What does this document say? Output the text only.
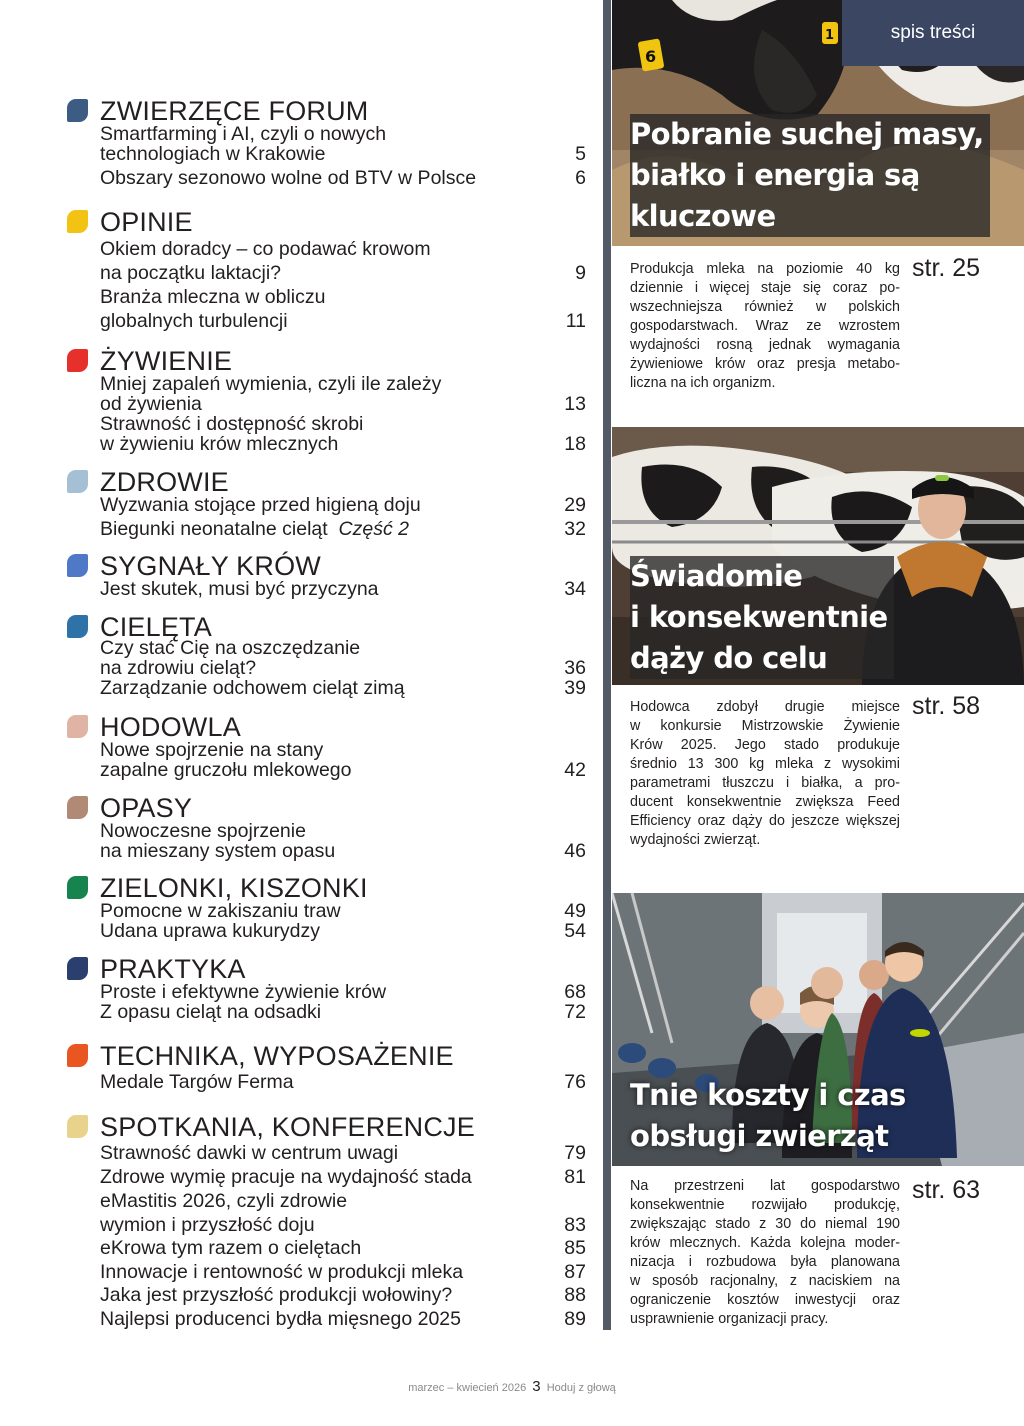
ZWIERZĘCE FORUM
Smartfarming i AI, czyli o nowych
technologiach w Krakowie	5
Obszary sezonowo wolne od BTV w Polsce	6
OPINIE
Okiem doradcy – co podawać krowom
na początku laktacji?	9
Branża mleczna w obliczu
globalnych turbulencji	11
ŻYWIENIE
Mniej zapaleń wymienia, czyli ile zależy
od żywienia	13
Strawność i dostępność skrobi
w żywieniu krów mlecznych	18
ZDROWIE
Wyzwania stojące przed higieną doju	29
Biegunki neonatalne cieląt Część 2	32
SYGNAŁY KRÓW
Jest skutek, musi być przyczyna	34
CIELĘTA
Czy stać Cię na oszczędzanie
na zdrowiu cieląt?	36
Zarządzanie odchowem cieląt zimą	39
HODOWLA
Nowe spojrzenie na stany
zapalne gruczołu mlekowego	42
OPASY
Nowoczesne spojrzenie
na mieszany system opasu	46
ZIELONKI, KISZONKI
Pomocne w zakiszaniu traw	49
Udana uprawa kukurydzy	54
PRAKTYKA
Proste i efektywne żywienie krów	68
Z opasu cieląt na odsadki	72
TECHNIKA, WYPOSAŻENIE
Medale Targów Ferma	76
SPOTKANIA, KONFERENCJE
Strawność dawki w centrum uwagi	79
Zdrowe wymię pracuje na wydajność stada	81
eMastitis 2026, czyli zdrowie
wymion i przyszłość doju	83
eKrowa tym razem o cielętach	85
Innowacje i rentowność w produkcji mleka	87
Jaka jest przyszłość produkcji wołowiny?	88
Najlepsi producenci bydła mięsnego 2025	89
spis treści
6
1
Pobranie suchej masy,
białko i energia są
kluczowe
Świadomie
i konsekwentnie
dąży do celu
Tnie koszty i czas
obsługi zwierząt
Produkcja mleka na poziomie 40 kg
dziennie i więcej staje się coraz po-
wszechniejsza również w polskich
gospodarstwach. Wraz ze wzrostem
wydajności rosną jednak wymagania
żywieniowe krów oraz presja metabo-
liczna na ich organizm.
str. 25
Hodowca zdobył drugie miejsce
w konkursie Mistrzowskie Żywienie
Krów 2025. Jego stado produkuje
średnio 13 300 kg mleka z wysokimi
parametrami tłuszczu i białka, a pro-
ducent konsekwentnie zwiększa Feed
Efficiency oraz dąży do jeszcze większej
wydajności zwierząt.
str. 58
Na przestrzeni lat gospodarstwo
konsekwentnie rozwijało produkcję,
zwiększając stado z 30 do niemal 190
krów mlecznych. Każda kolejna moder-
nizacja i rozbudowa była planowana
w sposób racjonalny, z naciskiem na
ograniczenie kosztów inwestycji oraz
usprawnienie organizacji pracy.
str. 63
marzec – kwiecień 2026 3 Hoduj z głową
